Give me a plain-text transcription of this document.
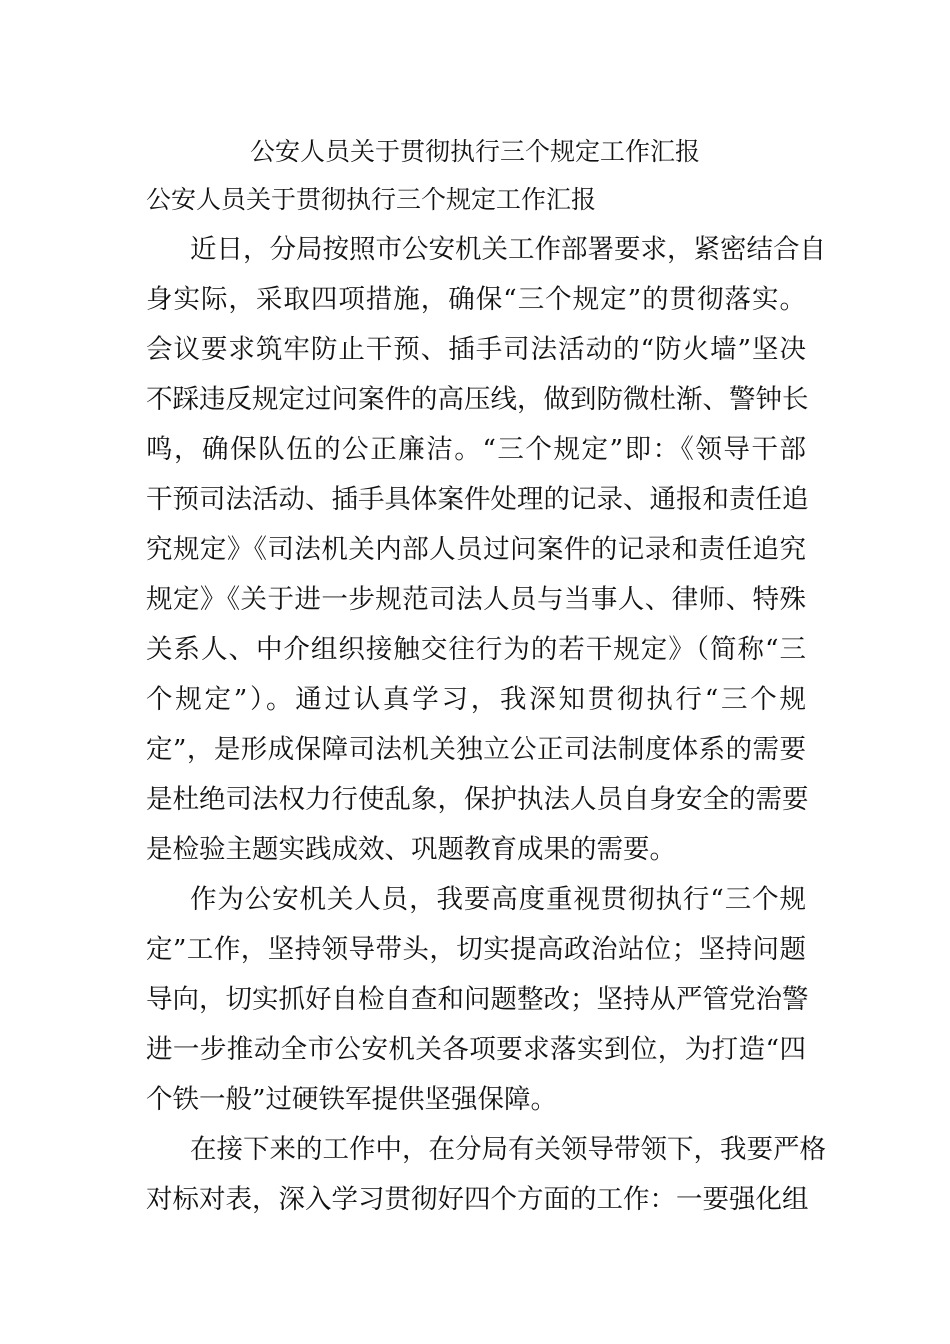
公安人员关于贯彻执行三个规定工作汇报
公安人员关于贯彻执行三个规定工作汇报
近日，分局按照市公安机关工作部署要求，紧密结合自
身实际，采取四项措施，确保“三个规定”的贯彻落实。
会议要求筑牢防止干预、插手司法活动的“防火墙”坚决
不踩违反规定过问案件的高压线，做到防微杜渐、警钟长
鸣，确保队伍的公正廉洁。“三个规定”即：《领导干部
干预司法活动、插手具体案件处理的记录、通报和责任追
究规定》《司法机关内部人员过问案件的记录和责任追究
规定》《关于进一步规范司法人员与当事人、律师、特殊
关系人、中介组织接触交往行为的若干规定》（简称“三
个规定”）。通过认真学习，我深知贯彻执行“三个规
定”，是形成保障司法机关独立公正司法制度体系的需要
是杜绝司法权力行使乱象，保护执法人员自身安全的需要
是检验主题实践成效、巩题教育成果的需要。
作为公安机关人员，我要高度重视贯彻执行“三个规
定”工作，坚持领导带头，切实提高政治站位；坚持问题
导向，切实抓好自检自查和问题整改；坚持从严管党治警
进一步推动全市公安机关各项要求落实到位，为打造“四
个铁一般”过硬铁军提供坚强保障。
在接下来的工作中，在分局有关领导带领下，我要严格
对标对表，深入学习贯彻好四个方面的工作：一要强化组
